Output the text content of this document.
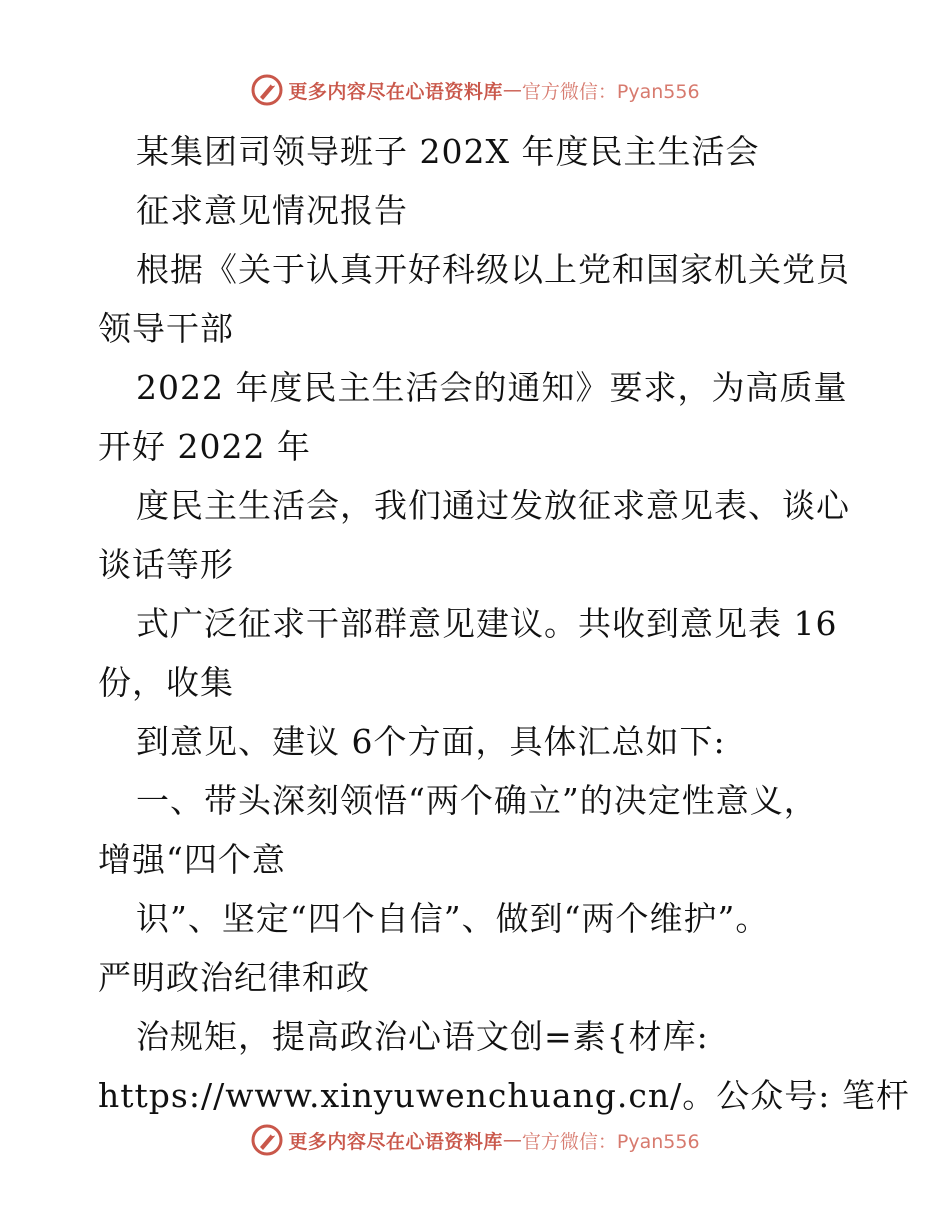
更多内容尽在心语资料库 — 官方微信：Pyan556
某集团司领导班子 202X 年度民主生活会
征求意见情况报告
根据《关于认真开好科级以上党和国家机关党员
领导干部
2022 年度民主生活会的通知》要求，为高质量
开好 2022 年
度民主生活会，我们通过发放征求意见表、谈心
谈话等形
式广泛征求干部群意见建议。共收到意见表 16
份，收集
到意见、建议 6个方面，具体汇总如下:
一、带头深刻领悟“两个确立”的决定性意义，
增强“四个意
识”、坚定“四个自信”、做到“两个维护”。
严明政治纪律和政
治规矩，提高政治心语文创=素{材库:
https://www.xinyuwenchuang.cn/。公众号: 笔杆
更多内容尽在心语资料库 — 官方微信：Pyan556
